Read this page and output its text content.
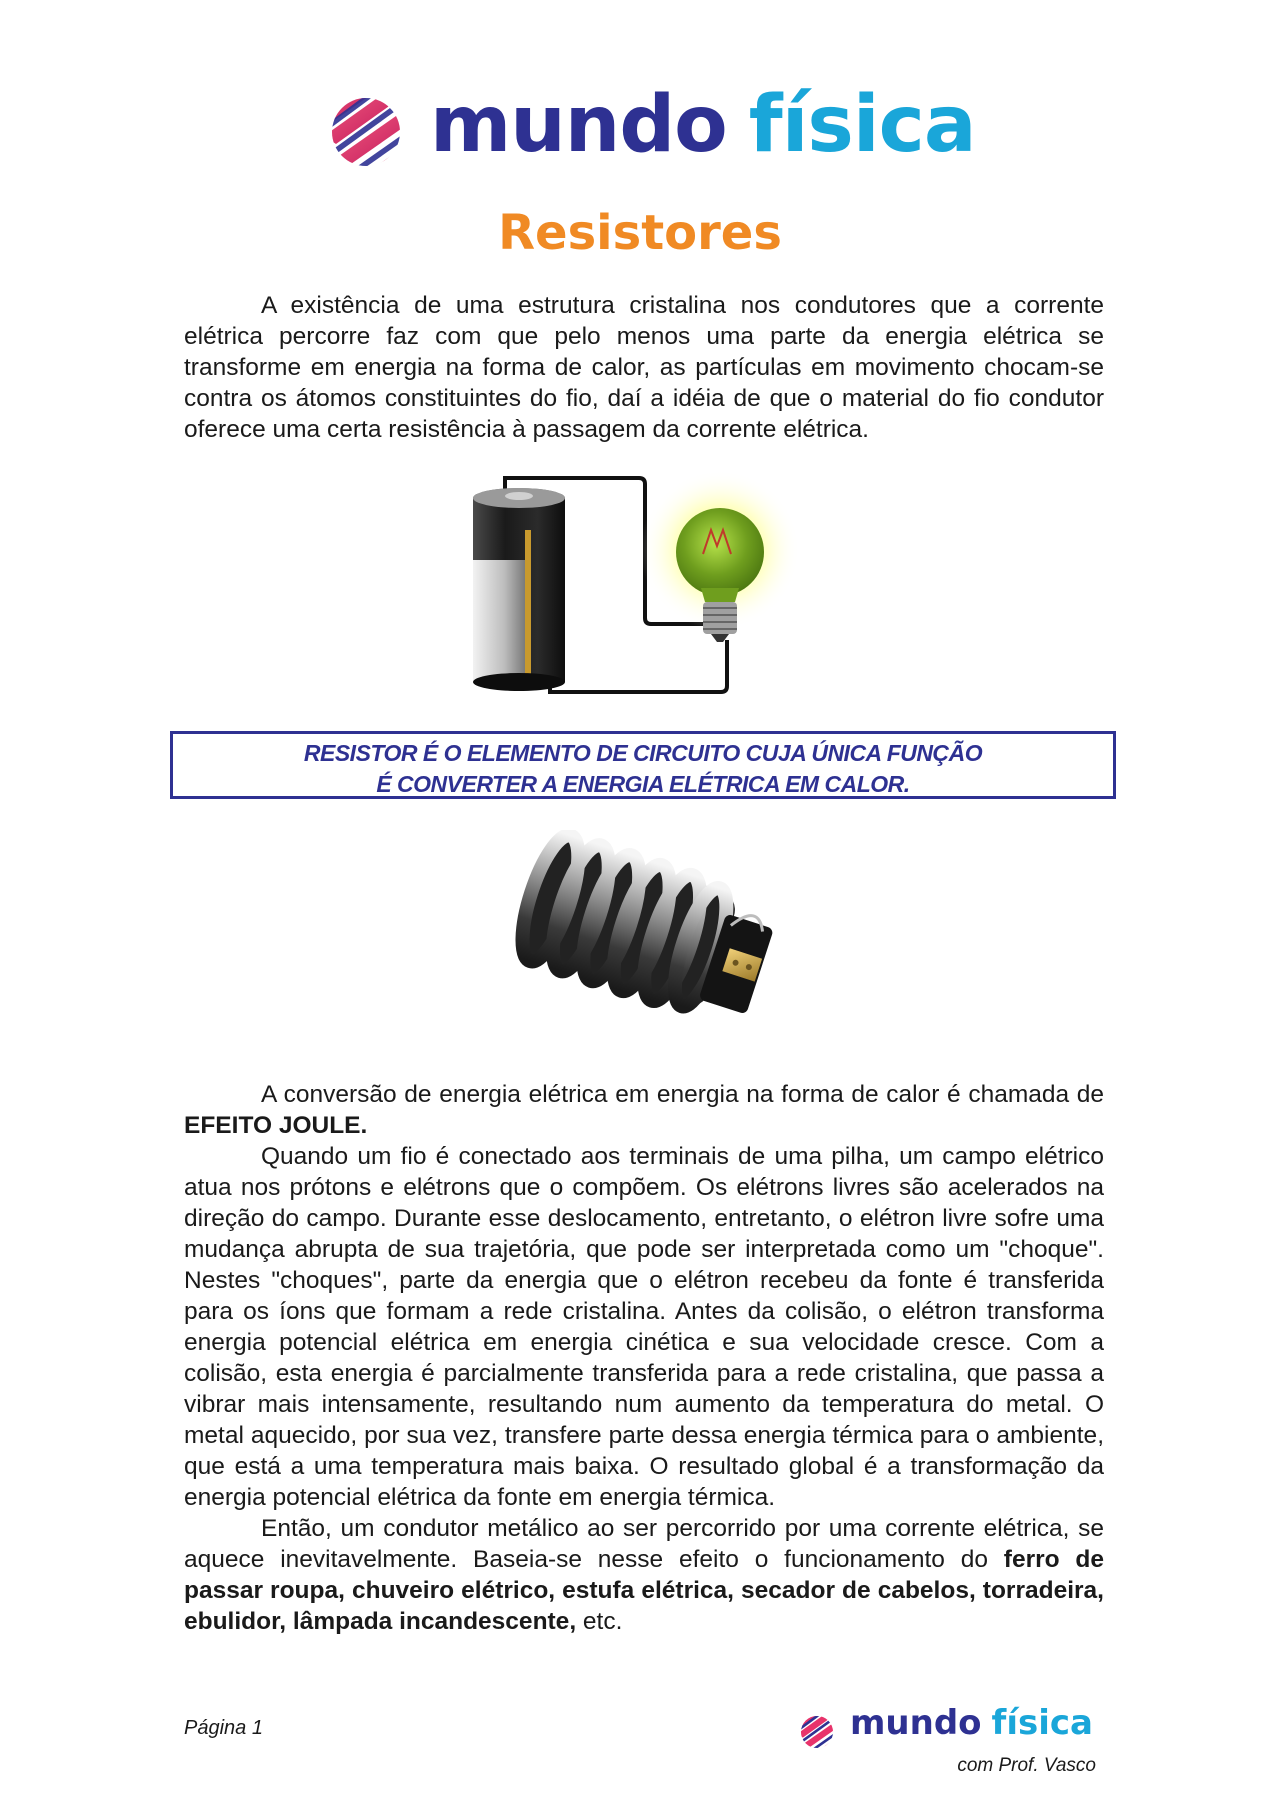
mundo física
Resistores

A existência de uma estrutura cristalina nos condutores que a corrente elétrica percorre faz com que pelo menos uma parte da energia elétrica se transforme em energia na forma de calor, as partículas em movimento chocam-se contra os átomos constituintes do fio, daí a idéia de que o material do fio condutor oferece uma certa resistência à passagem da corrente elétrica.

RESISTOR É O ELEMENTO DE CIRCUITO CUJA ÚNICA FUNÇÃO

É CONVERTER A ENERGIA ELÉTRICA EM CALOR.

A conversão de energia elétrica em energia na forma de calor é chamada de EFEITO JOULE.

Quando um fio é conectado aos terminais de uma pilha, um campo elétrico atua nos prótons e elétrons que o compõem. Os elétrons livres são acelerados na direção do campo. Durante esse deslocamento, entretanto, o elétron livre sofre uma mudança abrupta de sua trajetória, que pode ser interpretada como um "choque". Nestes "choques", parte da energia que o elétron recebeu da fonte é transferida para os íons que formam a rede cristalina. Antes da colisão, o elétron transforma energia potencial elétrica em energia cinética e sua velocidade cresce. Com a colisão, esta energia é parcialmente transferida para a rede cristalina, que passa a vibrar mais intensamente, resultando num aumento da temperatura do metal. O metal aquecido, por sua vez, transfere parte dessa energia térmica para o ambiente, que está a uma temperatura mais baixa. O resultado global é a transformação da energia potencial elétrica da fonte em energia térmica.

Então, um condutor metálico ao ser percorrido por uma corrente elétrica, se aquece inevitavelmente. Baseia-se nesse efeito o funcionamento do ferro de passar roupa, chuveiro elétrico, estufa elétrica, secador de cabelos, torradeira, ebulidor, lâmpada incandescente, etc.

Página 1	mundo física
com Prof. Vasco
